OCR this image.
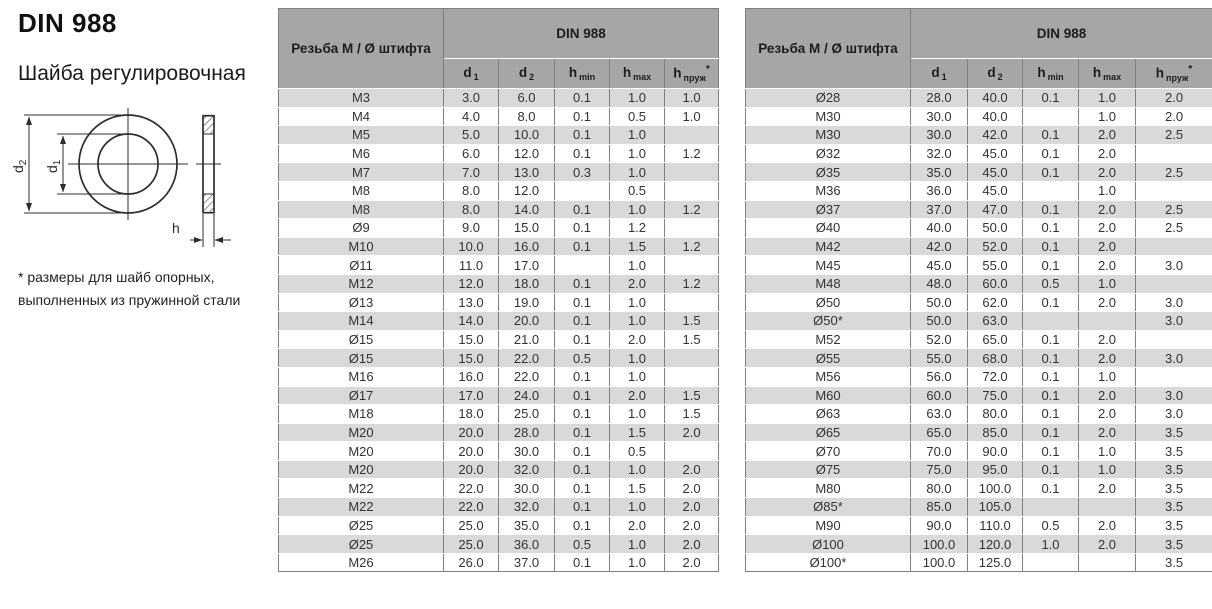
DIN 988
Шайба регулировочная
$d_2$
$d_1$
h
* размеры для шайб опорных,
выполненных из пружинной стали
Резьба М / Ø штифта	DIN 988				
	d $_1$	d $_2$	h $_{min}$	h $_{max}$	h $_{пруж}$*
M3	3.0	6.0	0.1	1.0	1.0
M4	4.0	8.0	0.1	0.5	1.0
M5	5.0	10.0	0.1	1.0	
M6	6.0	12.0	0.1	1.0	1.2
M7	7.0	13.0	0.3	1.0	
M8	8.0	12.0		0.5	
M8	8.0	14.0	0.1	1.0	1.2
Ø9	9.0	15.0	0.1	1.2	
M10	10.0	16.0	0.1	1.5	1.2
Ø11	11.0	17.0		1.0	
M12	12.0	18.0	0.1	2.0	1.2
Ø13	13.0	19.0	0.1	1.0	
M14	14.0	20.0	0.1	1.0	1.5
Ø15	15.0	21.0	0.1	2.0	1.5
Ø15	15.0	22.0	0.5	1.0	
M16	16.0	22.0	0.1	1.0	
Ø17	17.0	24.0	0.1	2.0	1.5
M18	18.0	25.0	0.1	1.0	1.5
M20	20.0	28.0	0.1	1.5	2.0
M20	20.0	30.0	0.1	0.5	
M20	20.0	32.0	0.1	1.0	2.0
M22	22.0	30.0	0.1	1.5	2.0
M22	22.0	32.0	0.1	1.0	2.0
Ø25	25.0	35.0	0.1	2.0	2.0
Ø25	25.0	36.0	0.5	1.0	2.0
M26	26.0	37.0	0.1	1.0	2.0
Резьба М / Ø штифта	DIN 988				
	d $_1$	d $_2$	h $_{min}$	h $_{max}$	h $_{пруж}$*
Ø28	28.0	40.0	0.1	1.0	2.0
M30	30.0	40.0		1.0	2.0
M30	30.0	42.0	0.1	2.0	2.5
Ø32	32.0	45.0	0.1	2.0	
Ø35	35.0	45.0	0.1	2.0	2.5
M36	36.0	45.0		1.0	
Ø37	37.0	47.0	0.1	2.0	2.5
Ø40	40.0	50.0	0.1	2.0	2.5
M42	42.0	52.0	0.1	2.0	
M45	45.0	55.0	0.1	2.0	3.0
M48	48.0	60.0	0.5	1.0	
Ø50	50.0	62.0	0.1	2.0	3.0
Ø50*	50.0	63.0			3.0
M52	52.0	65.0	0.1	2.0	
Ø55	55.0	68.0	0.1	2.0	3.0
M56	56.0	72.0	0.1	1.0	
M60	60.0	75.0	0.1	2.0	3.0
Ø63	63.0	80.0	0.1	2.0	3.0
Ø65	65.0	85.0	0.1	2.0	3.5
Ø70	70.0	90.0	0.1	1.0	3.5
Ø75	75.0	95.0	0.1	1.0	3.5
M80	80.0	100.0	0.1	2.0	3.5
Ø85*	85.0	105.0			3.5
M90	90.0	110.0	0.5	2.0	3.5
Ø100	100.0	120.0	1.0	2.0	3.5
Ø100*	100.0	125.0			3.5
